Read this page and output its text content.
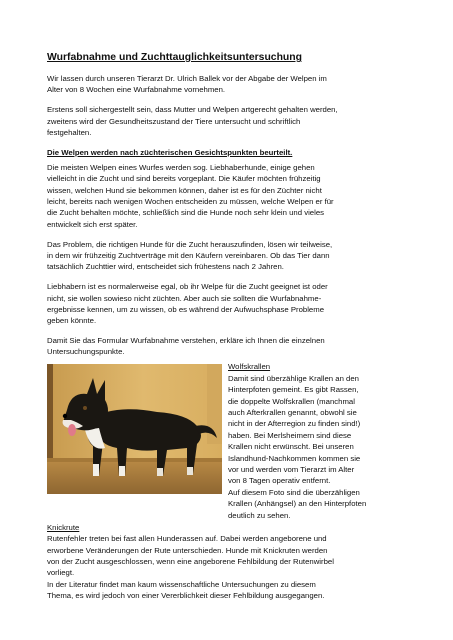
Wurfabnahme und Zuchttauglichkeitsuntersuchung

Wir lassen durch unseren Tierarzt Dr. Ulrich Ballek vor der Abgabe der Welpen im
Alter von 8 Wochen eine Wurfabnahme vornehmen.

Erstens soll sichergestellt sein, dass Mutter und Welpen artgerecht gehalten werden,
zweitens wird der Gesundheitszustand der Tiere untersucht und schriftlich
festgehalten.

Die Welpen werden nach züchterischen Gesichtspunkten beurteilt.

Die meisten Welpen eines Wurfes werden sog. Liebhaberhunde, einige gehen
vielleicht in die Zucht und sind bereits vorgeplant. Die Käufer möchten frühzeitig
wissen, welchen Hund sie bekommen können, daher ist es für den Züchter nicht
leicht, bereits nach wenigen Wochen entscheiden zu müssen, welche Welpen er für
die Zucht behalten möchte, schließlich sind die Hunde noch sehr klein und vieles
entwickelt sich erst später.

Das Problem, die richtigen Hunde für die Zucht herauszufinden, lösen wir teilweise,
in dem wir frühzeitig Zuchtverträge mit den Käufern vereinbaren. Ob das Tier dann
tatsächlich Zuchttier wird, entscheidet sich frühestens nach 2 Jahren.

Liebhabern ist es normalerweise egal, ob ihr Welpe für die Zucht geeignet ist oder
nicht, sie wollen sowieso nicht züchten. Aber auch sie sollten die Wurfabnahme-
ergebnisse kennen, um zu wissen, ob es während der Aufwuchsphase Probleme
geben könnte.

Damit Sie das Formular Wurfabnahme verstehen, erkläre ich Ihnen die einzelnen
Untersuchungspunkte.

Wolfskrallen
Damit sind überzählige Krallen an den
Hinterpfoten gemeint. Es gibt Rassen,
die doppelte Wolfskrallen (manchmal
auch Afterkrallen genannt, obwohl sie
nicht in der Afterregion zu finden sind!)
haben. Bei Merlsheimern sind diese
Krallen nicht erwünscht. Bei unseren
Islandhund-Nachkommen kommen sie
vor und werden vom Tierarzt im Alter
von 8 Tagen operativ entfernt.
Auf diesem Foto sind die überzähligen
Krallen (Anhängsel) an den Hinterpfoten
deutlich zu sehen.

Knickrute
Rutenfehler treten bei fast allen Hunderassen auf. Dabei werden angeborene und
erworbene Veränderungen der Rute unterschieden. Hunde mit Knickruten werden
von der Zucht ausgeschlossen, wenn eine angeborene Fehlbildung der Rutenwirbel
vorliegt.

In der Literatur findet man kaum wissenschaftliche Untersuchungen zu diesem
Thema, es wird jedoch von einer Vererblichkeit dieser Fehlbildung ausgegangen.
